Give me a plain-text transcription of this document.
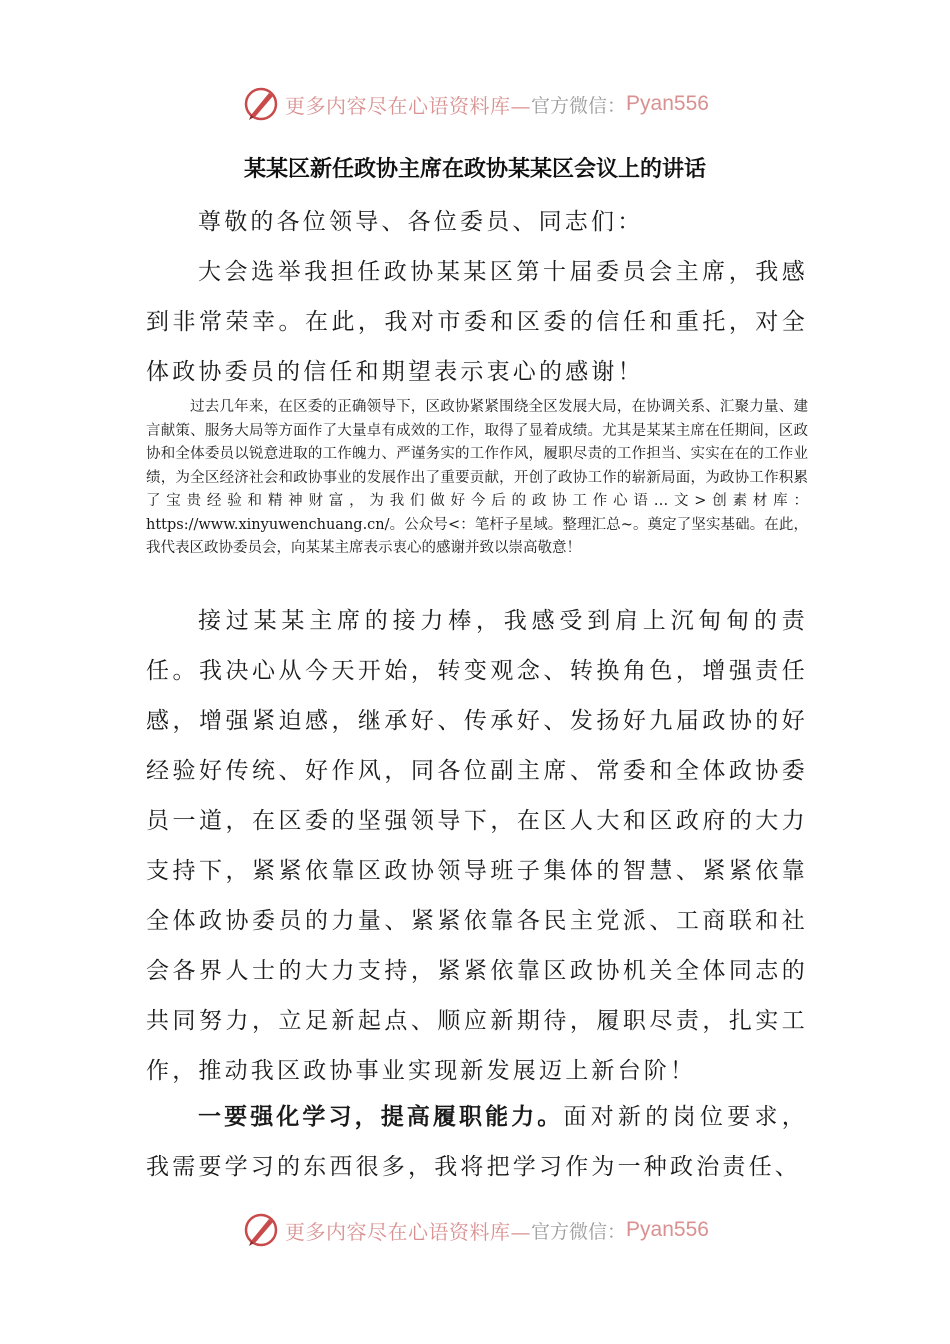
更多内容尽在心语资料库— 官方微信： Pyan556
某某区新任政协主席在政协某某区会议上的讲话

尊敬的各位领导、各位委员、同志们：

大会选举我担任政协某某区第十届委员会主席，我感到非常荣幸。在此，我对市委和区委的信任和重托，对全体政协委员的信任和期望表示衷心的感谢！

过去几年来，在区委的正确领导下，区政协紧紧围绕全区发展大局，在协调关系、汇聚力量、建言献策、服务大局等方面作了大量卓有成效的工作，取得了显着成绩。尤其是某某主席在任期间，区政协和全体委员以锐意进取的工作魄力、严谨务实的工作作风，履职尽责的工作担当、实实在在的工作业绩，为全区经济社会和政协事业的发展作出了重要贡献，开创了政协工作的崭新局面，为政协工作积累了宝贵经验和精神财富，为我们做好今后的政协工作心语…文>创素材库：https://www.xinyuwenchuang.cn/。公众号<：笔杆子星域。整理汇总~。奠定了坚实基础。在此，我代表区政协委员会，向某某主席表示衷心的感谢并致以崇高敬意！

接过某某主席的接力棒，我感受到肩上沉甸甸的责任。我决心从今天开始，转变观念、转换角色，增强责任感，增强紧迫感，继承好、传承好、发扬好九届政协的好经验好传统、好作风，同各位副主席、常委和全体政协委员一道，在区委的坚强领导下，在区人大和区政府的大力支持下，紧紧依靠区政协领导班子集体的智慧、紧紧依靠全体政协委员的力量、紧紧依靠各民主党派、工商联和社会各界人士的大力支持，紧紧依靠区政协机关全体同志的共同努力，立足新起点、顺应新期待，履职尽责，扎实工作，推动我区政协事业实现新发展迈上新台阶！

一要强化学习，提高履职能力。面对新的岗位要求，我需要学习的东西很多，我将把学习作为一种政治责任、

更多内容尽在心语资料库— 官方微信： Pyan556
